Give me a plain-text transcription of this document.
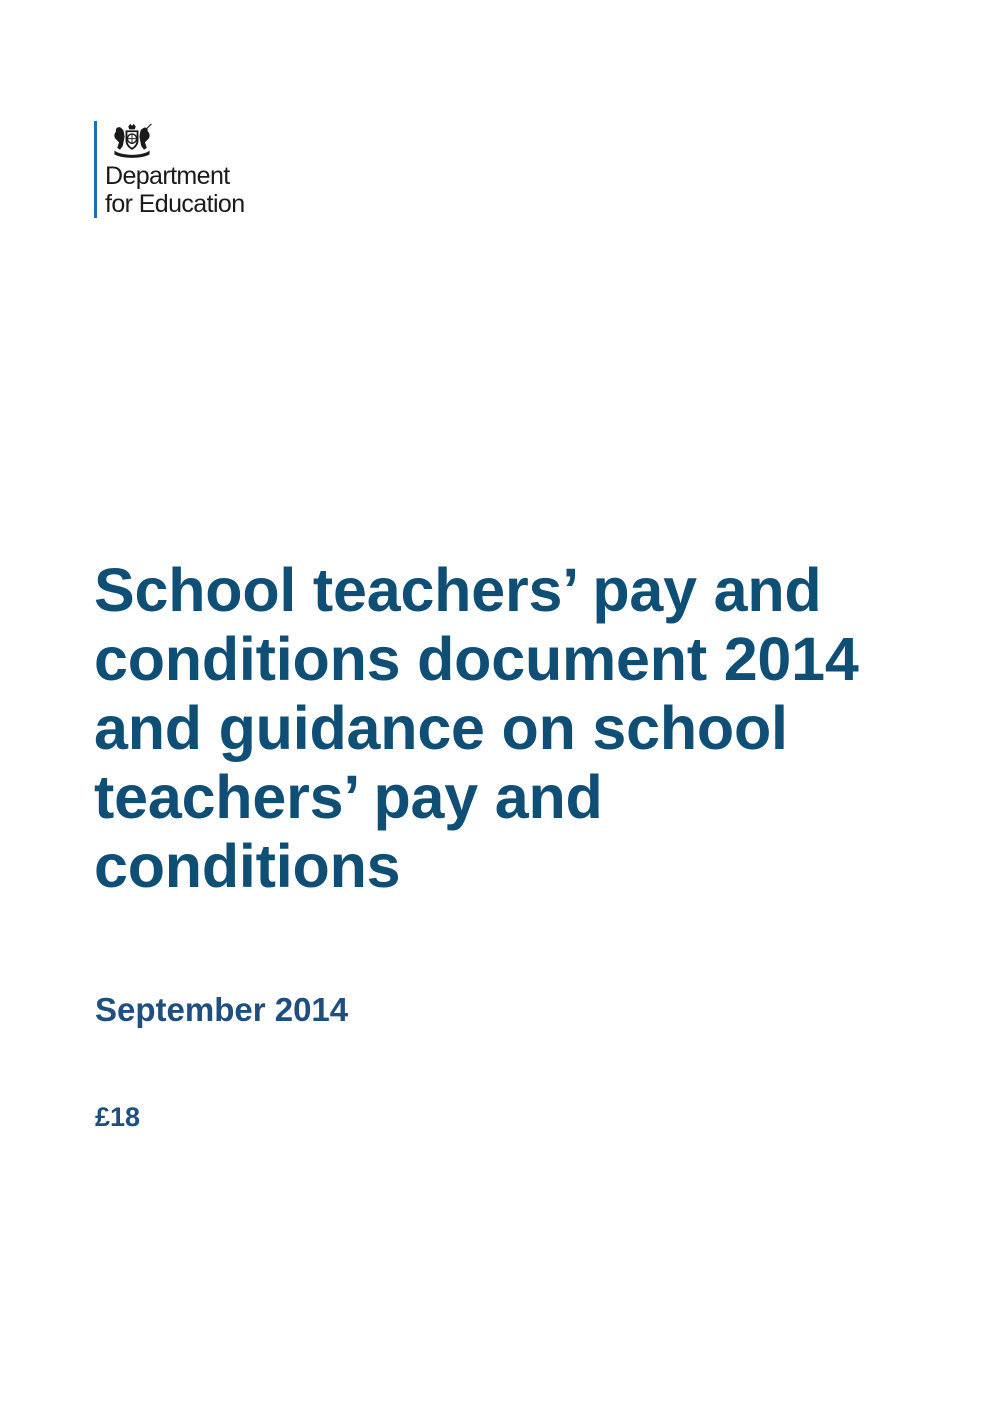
Department
for Education
School teachers’ pay and
conditions document 2014
and guidance on school
teachers’ pay and
conditions

September 2014

£18
